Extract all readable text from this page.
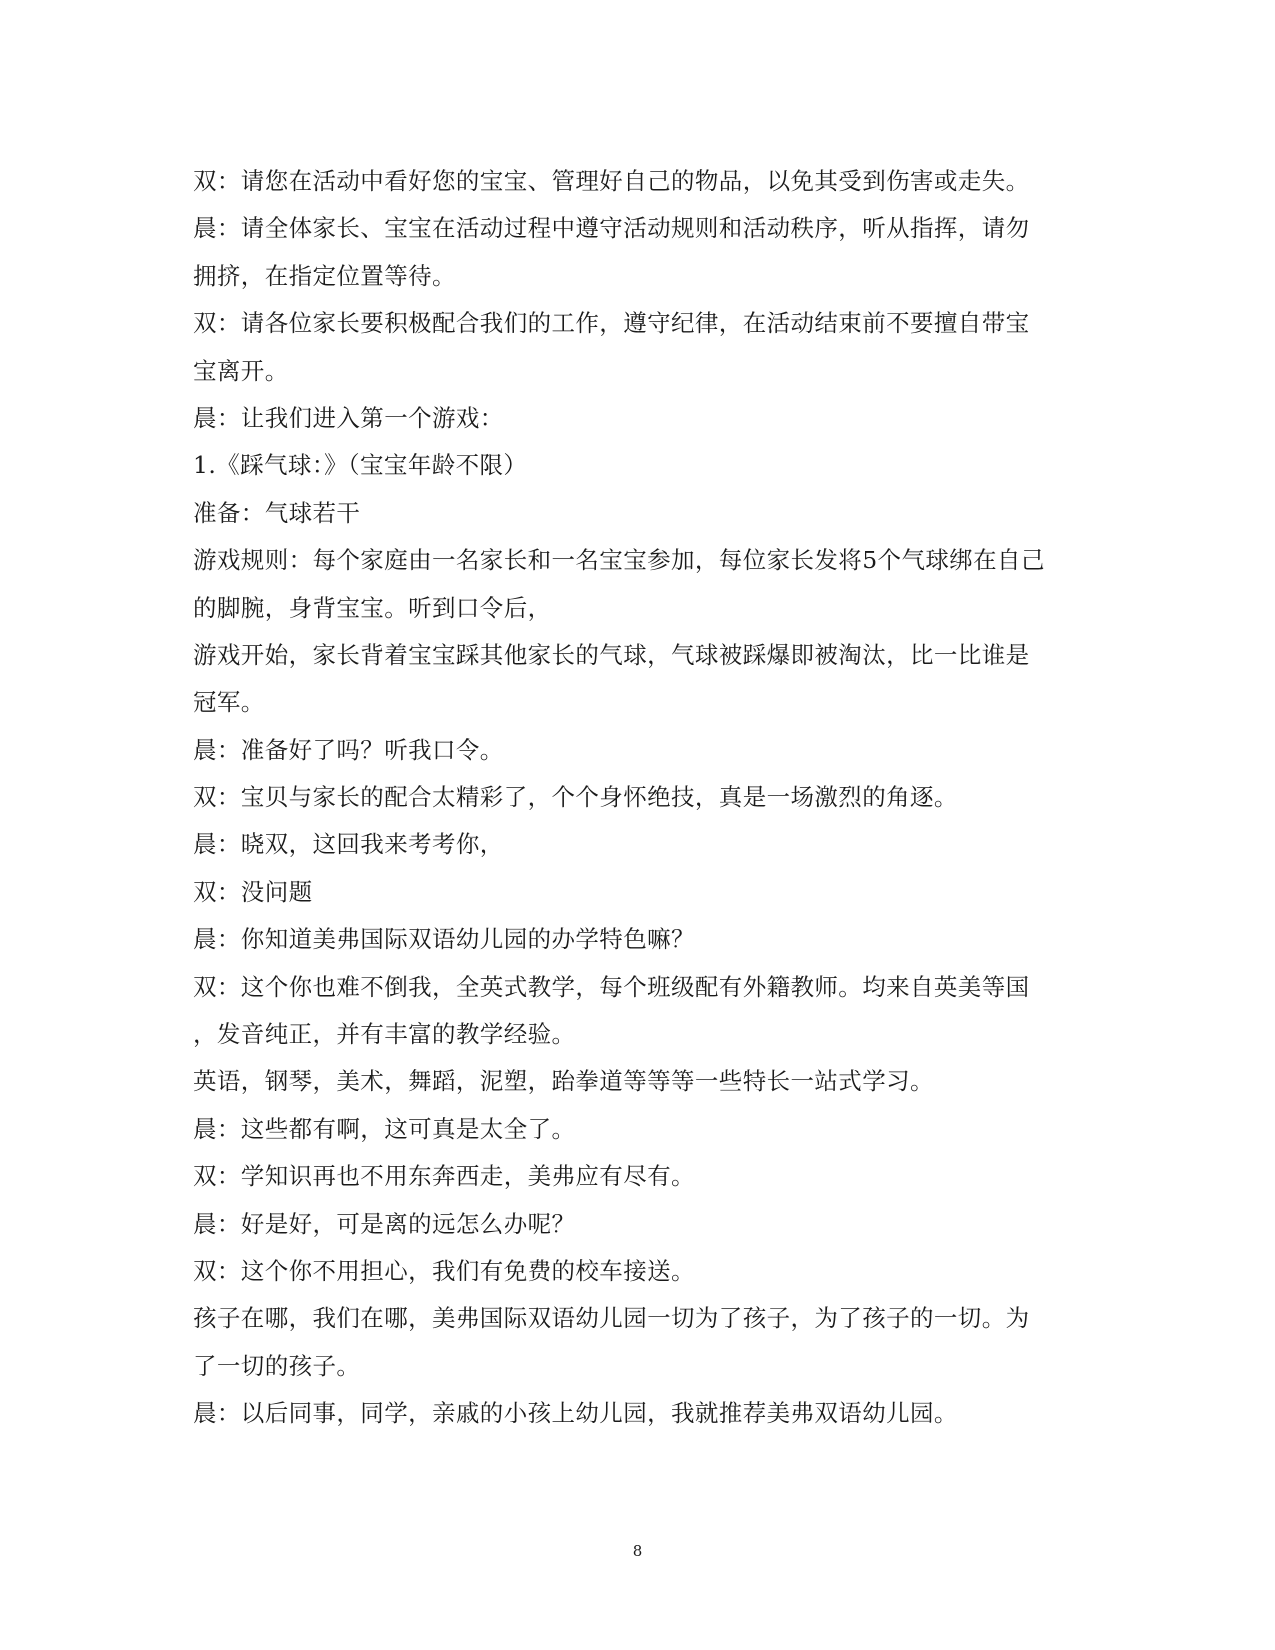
双：请您在活动中看好您的宝宝、管理好自己的物品，以免其受到伤害或走失。
晨：请全体家长、宝宝在活动过程中遵守活动规则和活动秩序，听从指挥，请勿
拥挤，在指定位置等待。
双：请各位家长要积极配合我们的工作，遵守纪律，在活动结束前不要擅自带宝
宝离开。
晨：让我们进入第一个游戏：
1.《踩气球：》（宝宝年龄不限）
准备：气球若干
游戏规则：每个家庭由一名家长和一名宝宝参加，每位家长发将5个气球绑在自己
的脚腕，身背宝宝。听到口令后，
游戏开始，家长背着宝宝踩其他家长的气球，气球被踩爆即被淘汰，比一比谁是
冠军。
晨：准备好了吗？听我口令。
双：宝贝与家长的配合太精彩了，个个身怀绝技，真是一场激烈的角逐。
晨：晓双，这回我来考考你，
双：没问题
晨：你知道美弗国际双语幼儿园的办学特色嘛？
双：这个你也难不倒我，全英式教学，每个班级配有外籍教师。均来自英美等国
，发音纯正，并有丰富的教学经验。
英语，钢琴，美术，舞蹈，泥塑，跆拳道等等等一些特长一站式学习。
晨：这些都有啊，这可真是太全了。
双：学知识再也不用东奔西走，美弗应有尽有。
晨：好是好，可是离的远怎么办呢？
双：这个你不用担心，我们有免费的校车接送。
孩子在哪，我们在哪，美弗国际双语幼儿园一切为了孩子，为了孩子的一切。为
了一切的孩子。
晨：以后同事，同学，亲戚的小孩上幼儿园，我就推荐美弗双语幼儿园。
8
